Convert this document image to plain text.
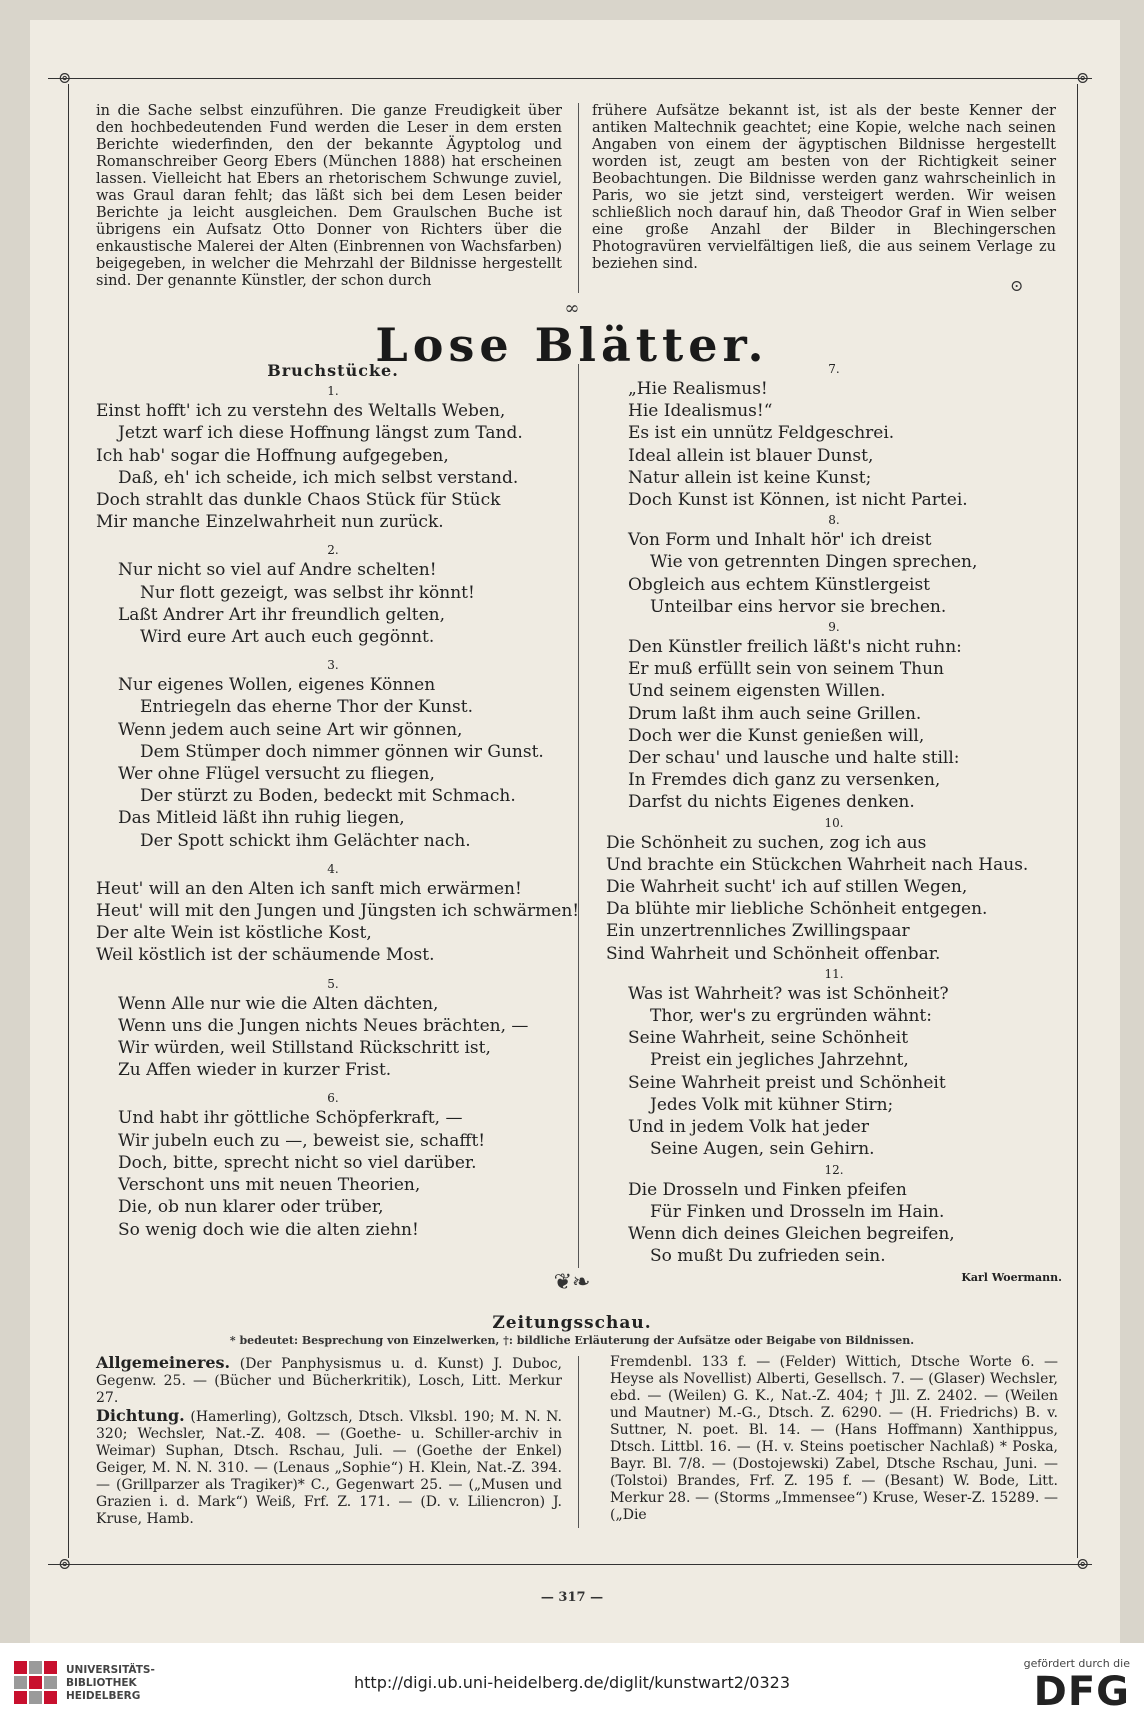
⊚	⊚
⊚	⊚

in die Sache selbst einzuführen. Die ganze Freudigkeit über den hochbedeutenden Fund werden die Leser in dem ersten Berichte wiederfinden, den der bekannte Ägyptolog und Romanschreiber Georg Ebers (München 1888) hat erscheinen lassen. Vielleicht hat Ebers an rhetorischem Schwunge zuviel, was Graul daran fehlt; das läßt sich bei dem Lesen beider Berichte ja leicht ausgleichen. Dem Graulschen Buche ist übrigens ein Aufsatz Otto Donner von Richters über die enkaustische Malerei der Alten (Einbrennen von Wachsfarben) beigegeben, in welcher die Mehrzahl der Bildnisse hergestellt sind. Der genannte Künstler, der schon durch

frühere Aufsätze bekannt ist, ist als der beste Kenner der antiken Maltechnik geachtet; eine Kopie, welche nach seinen Angaben von einem der ägyptischen Bildnisse hergestellt worden ist, zeugt am besten von der Richtigkeit seiner Beobachtungen. Die Bildnisse werden ganz wahrscheinlich in Paris, wo sie jetzt sind, versteigert werden. Wir weisen schließlich noch darauf hin, daß Theodor Graf in Wien selber eine große Anzahl der Bilder in Blechingerschen Photogravüren vervielfältigen ließ, die aus seinem Verlage zu beziehen sind.

⊙
∞
Lose Blätter.
Bruchstücke.
1.
Einst hofft' ich zu verstehn des Weltalls Weben,
Jetzt warf ich diese Hoffnung längst zum Tand.
Ich hab' sogar die Hoffnung aufgegeben,
Daß, eh' ich scheide, ich mich selbst verstand.
Doch strahlt das dunkle Chaos Stück für Stück
Mir manche Einzelwahrheit nun zurück.
2.
Nur nicht so viel auf Andre schelten!
Nur flott gezeigt, was selbst ihr könnt!
Laßt Andrer Art ihr freundlich gelten,
Wird eure Art auch euch gegönnt.
3.
Nur eigenes Wollen, eigenes Können
Entriegeln das eherne Thor der Kunst.
Wenn jedem auch seine Art wir gönnen,
Dem Stümper doch nimmer gönnen wir Gunst.
Wer ohne Flügel versucht zu fliegen,
Der stürzt zu Boden, bedeckt mit Schmach.
Das Mitleid läßt ihn ruhig liegen,
Der Spott schickt ihm Gelächter nach.
4.
Heut' will an den Alten ich sanft mich erwärmen!
Heut' will mit den Jungen und Jüngsten ich schwärmen!
Der alte Wein ist köstliche Kost,
Weil köstlich ist der schäumende Most.
5.
Wenn Alle nur wie die Alten dächten,
Wenn uns die Jungen nichts Neues brächten, —
Wir würden, weil Stillstand Rückschritt ist,
Zu Affen wieder in kurzer Frist.
6.
Und habt ihr göttliche Schöpferkraft, —
Wir jubeln euch zu —, beweist sie, schafft!
Doch, bitte, sprecht nicht so viel darüber.
Verschont uns mit neuen Theorien,
Die, ob nun klarer oder trüber,
So wenig doch wie die alten ziehn!
7.
„Hie Realismus!
Hie Idealismus!“
Es ist ein unnütz Feldgeschrei.
Ideal allein ist blauer Dunst,
Natur allein ist keine Kunst;
Doch Kunst ist Können, ist nicht Partei.
8.
Von Form und Inhalt hör' ich dreist
Wie von getrennten Dingen sprechen,
Obgleich aus echtem Künstlergeist
Unteilbar eins hervor sie brechen.
9.
Den Künstler freilich läßt's nicht ruhn:
Er muß erfüllt sein von seinem Thun
Und seinem eigensten Willen.
Drum laßt ihm auch seine Grillen.
Doch wer die Kunst genießen will,
Der schau' und lausche und halte still:
In Fremdes dich ganz zu versenken,
Darfst du nichts Eigenes denken.
10.
Die Schönheit zu suchen, zog ich aus
Und brachte ein Stückchen Wahrheit nach Haus.
Die Wahrheit sucht' ich auf stillen Wegen,
Da blühte mir liebliche Schönheit entgegen.
Ein unzertrennliches Zwillingspaar
Sind Wahrheit und Schönheit offenbar.
11.
Was ist Wahrheit? was ist Schönheit?
Thor, wer's zu ergründen wähnt:
Seine Wahrheit, seine Schönheit
Preist ein jegliches Jahrzehnt,
Seine Wahrheit preist und Schönheit
Jedes Volk mit kühner Stirn;
Und in jedem Volk hat jeder
Seine Augen, sein Gehirn.
12.
Die Drosseln und Finken pfeifen
Für Finken und Drosseln im Hain.
Wenn dich deines Gleichen begreifen,
So mußt Du zufrieden sein.
Karl Woermann.
❦❧
Zeitungsschau.
* bedeutet: Besprechung von Einzelwerken, †: bildliche Erläuterung der Aufsätze oder Beigabe von Bildnissen.

Allgemeineres. (Der Panphysismus u. d. Kunst) J. Duboc, Gegenw. 25. — (Bücher und Bücherkritik), Losch, Litt. Merkur 27.

Dichtung. (Hamerling), Goltzsch, Dtsch. Vlksbl. 190; M. N. N. 320; Wechsler, Nat.-Z. 408. — (Goethe- u. Schiller-archiv in Weimar) Suphan, Dtsch. Rschau, Juli. — (Goethe der Enkel) Geiger, M. N. N. 310. — (Lenaus „Sophie“) H. Klein, Nat.-Z. 394. — (Grillparzer als Tragiker)* C., Gegenwart 25. — („Musen und Grazien i. d. Mark“) Weiß, Frf. Z. 171. — (D. v. Liliencron) J. Kruse, Hamb.

Fremdenbl. 133 f. — (Felder) Wittich, Dtsche Worte 6. — Heyse als Novellist) Alberti, Gesellsch. 7. — (Glaser) Wechsler, ebd. — (Weilen) G. K., Nat.-Z. 404; † Jll. Z. 2402. — (Weilen und Mautner) M.-G., Dtsch. Z. 6290. — (H. Friedrichs) B. v. Suttner, N. poet. Bl. 14. — (Hans Hoffmann) Xanthippus, Dtsch. Littbl. 16. — (H. v. Steins poetischer Nachlaß) * Poska, Bayr. Bl. 7/8. — (Dostojewski) Zabel, Dtsche Rschau, Juni. — (Tolstoi) Brandes, Frf. Z. 195 f. — (Besant) W. Bode, Litt. Merkur 28. — (Storms „Immensee“) Kruse, Weser-Z. 15289. — („Die

— 317 —
UNIVERSITÄTS-
BIBLIOTHEK
HEIDELBERG
http://digi.ub.uni-heidelberg.de/diglit/kunstwart2/0323
gefördert durch die
DFG
